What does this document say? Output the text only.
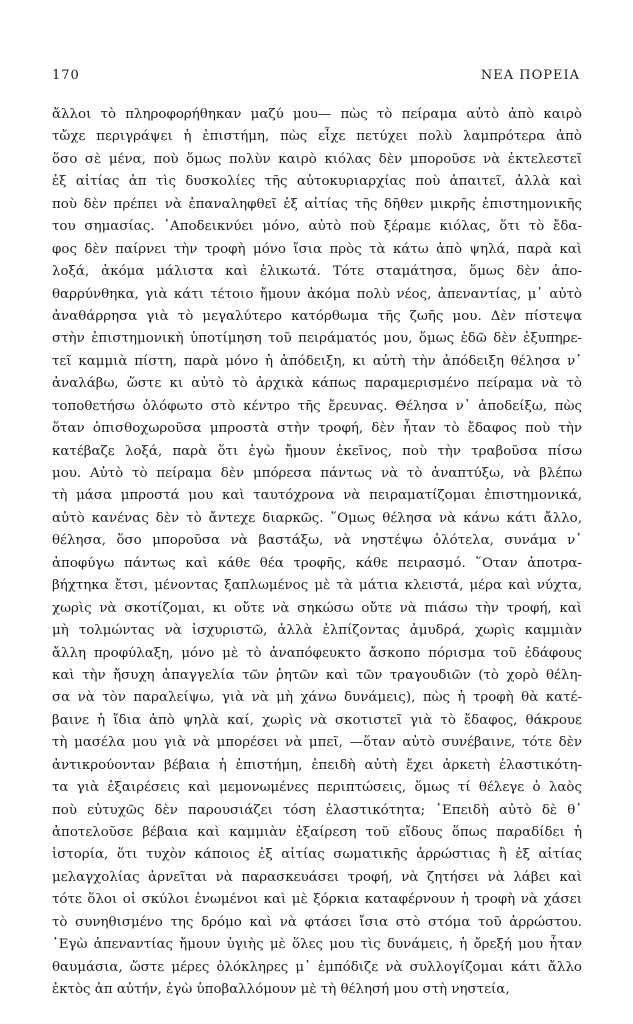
170	ΝΕΑ ΠΟΡΕΙΑ
ἄλλοι τὸ πληροφορήθηκαν μαζύ μου— πὼς τὸ πείραμα αὐτὸ ἀπὸ καιρὸ
τὤχε περιγράψει ἡ ἐπιστήμη, πὼς εἶχε πετύχει πολὺ λαμπρότερα ἀπὸ
ὅσο σὲ μένα, ποὺ ὅμως πολὺν καιρὸ κιόλας δὲν μποροῦσε νὰ ἐκτελεστεῖ
ἐξ αἰτίας ἀπ τὶς δυσκολίες τῆς αὐτοκυριαρχίας ποὺ ἀπαιτεῖ, ἀλλὰ καὶ
ποὺ δὲν πρέπει νὰ ἐπαναληφθεῖ ἐξ αἰτίας τῆς δῆθεν μικρῆς ἐπιστημονικῆς
του σημασίας. ᾿Αποδεικνύει μόνο, αὐτὸ ποὺ ξέραμε κιόλας, ὅτι τὸ ἔδα-
φος δὲν παίρνει τὴν τροφὴ μόνο ἴσια πρὸς τὰ κάτω ἀπὸ ψηλά, παρὰ καὶ
λοξά, ἀκόμα μάλιστα καὶ ἑλικωτά. Τότε σταμάτησα, ὅμως δὲν ἀπο-
θαρρύνθηκα, γιὰ κάτι τέτοιο ἤμουν ἀκόμα πολὺ νέος, ἀπεναντίας, μ᾿ αὐτὸ
ἀναθάρρησα γιὰ τὸ μεγαλύτερο κατόρθωμα τῆς ζωῆς μου. Δὲν πίστεψα
στὴν ἐπιστημονικὴ ὑποτίμηση τοῦ πειράματός μου, ὅμως ἐδῶ δὲν ἐξυπηρε-
τεῖ καμμιὰ πίστη, παρὰ μόνο ἡ ἀπόδειξη, κι αὐτὴ τὴν ἀπόδειξη θέλησα ν᾿
ἀναλάβω, ὥστε κι αὐτὸ τὸ ἀρχικὰ κάπως παραμερισμένο πείραμα νὰ τὸ
τοποθετήσω ὁλόφωτο στὸ κέντρο τῆς ἔρευνας. Θέλησα ν᾿ ἀποδείξω, πὼς
ὅταν ὀπισθοχωροῦσα μπροστὰ στὴν τροφή, δὲν ἦταν τὸ ἔδαφος ποὺ τὴν
κατέβαζε λοξά, παρὰ ὅτι ἐγὼ ἤμουν ἐκεῖνος, ποὺ τὴν τραβοῦσα πίσω
μου. Αὐτὸ τὸ πείραμα δὲν μπόρεσα πάντως νὰ τὸ ἀναπτύξω, νὰ βλέπω
τὴ μάσα μπροστά μου καὶ ταυτόχρονα νὰ πειραματίζομαι ἐπιστημονικά,
αὐτὸ κανένας δὲν τὸ ἄντεχε διαρκῶς. ῞Ομως θέλησα νὰ κάνω κάτι ἄλλο,
θέλησα, ὅσο μποροῦσα νὰ βαστάξω, νὰ νηστέψω ὁλότελα, συνάμα ν᾿
ἀποφύγω πάντως καὶ κάθε θέα τροφῆς, κάθε πειρασμό. ῞Οταν ἀποτρα-
βήχτηκα ἔτσι, μένοντας ξαπλωμένος μὲ τὰ μάτια κλειστά, μέρα καὶ νύχτα,
χωρὶς νὰ σκοτίζομαι, κι οὔτε νὰ σηκώσω οὔτε νὰ πιάσω τὴν τροφή, καὶ
μὴ τολμώντας νὰ ἰσχυριστῶ, ἀλλὰ ἐλπίζοντας ἀμυδρά, χωρὶς καμμιὰν
ἄλλη προφύλαξη, μόνο μὲ τὸ ἀναπόφευκτο ἄσκοπο πόρισμα τοῦ ἐδάφους
καὶ τὴν ἤσυχη ἀπαγγελία τῶν ῥητῶν καὶ τῶν τραγουδιῶν (τὸ χορὸ θέλη-
σα νὰ τὸν παραλείψω, γιὰ νὰ μὴ χάνω δυνάμεις), πὼς ἡ τροφὴ θὰ κατέ-
βαινε ἡ ἴδια ἀπὸ ψηλὰ καί, χωρὶς νὰ σκοτιστεῖ γιὰ τὸ ἔδαφος, θάκρουε
τὴ μασέλα μου γιὰ νὰ μπορέσει νὰ μπεῖ, —ὅταν αὐτὸ συνέβαινε, τότε δὲν
ἀντικρούονταν βέβαια ἡ ἐπιστήμη, ἐπειδὴ αὐτὴ ἔχει ἀρκετὴ ἐλαστικότη-
τα γιὰ ἐξαιρέσεις καὶ μεμονωμένες περιπτώσεις, ὅμως τί θέλεγε ὁ λαὸς
ποὺ εὐτυχῶς δὲν παρουσιάζει τόση ἐλαστικότητα; ᾿Επειδὴ αὐτὸ δὲ θ᾿
ἀποτελοῦσε βέβαια καὶ καμμιὰν ἐξαίρεση τοῦ εἴδους ὅπως παραδίδει ἡ
ἱστορία, ὅτι τυχὸν κάποιος ἐξ αἰτίας σωματικῆς ἀρρώστιας ἢ ἐξ αἰτίας
μελαγχολίας ἀρνεῖται νὰ παρασκευάσει τροφή, νὰ ζητήσει νὰ λάβει καὶ
τότε ὅλοι οἱ σκύλοι ἑνωμένοι καὶ μὲ ξόρκια καταφέρνουν ἡ τροφὴ νὰ χάσει
τὸ συνηθισμένο της δρόμο καὶ νὰ φτάσει ἴσια στὸ στόμα τοῦ ἀρρώστου.
᾿Εγὼ ἀπεναντίας ἤμουν ὑγιὴς μὲ ὅλες μου τὶς δυνάμεις, ἡ ὄρεξή μου ἦταν
θαυμάσια, ὥστε μέρες ὁλόκληρες μ᾿ ἐμπόδιζε νὰ συλλογίζομαι κάτι ἄλλο
ἐκτὸς ἀπ αὐτήν, ἐγὼ ὑποβαλλόμουν μὲ τὴ θέλησή μου στὴ νηστεία,
